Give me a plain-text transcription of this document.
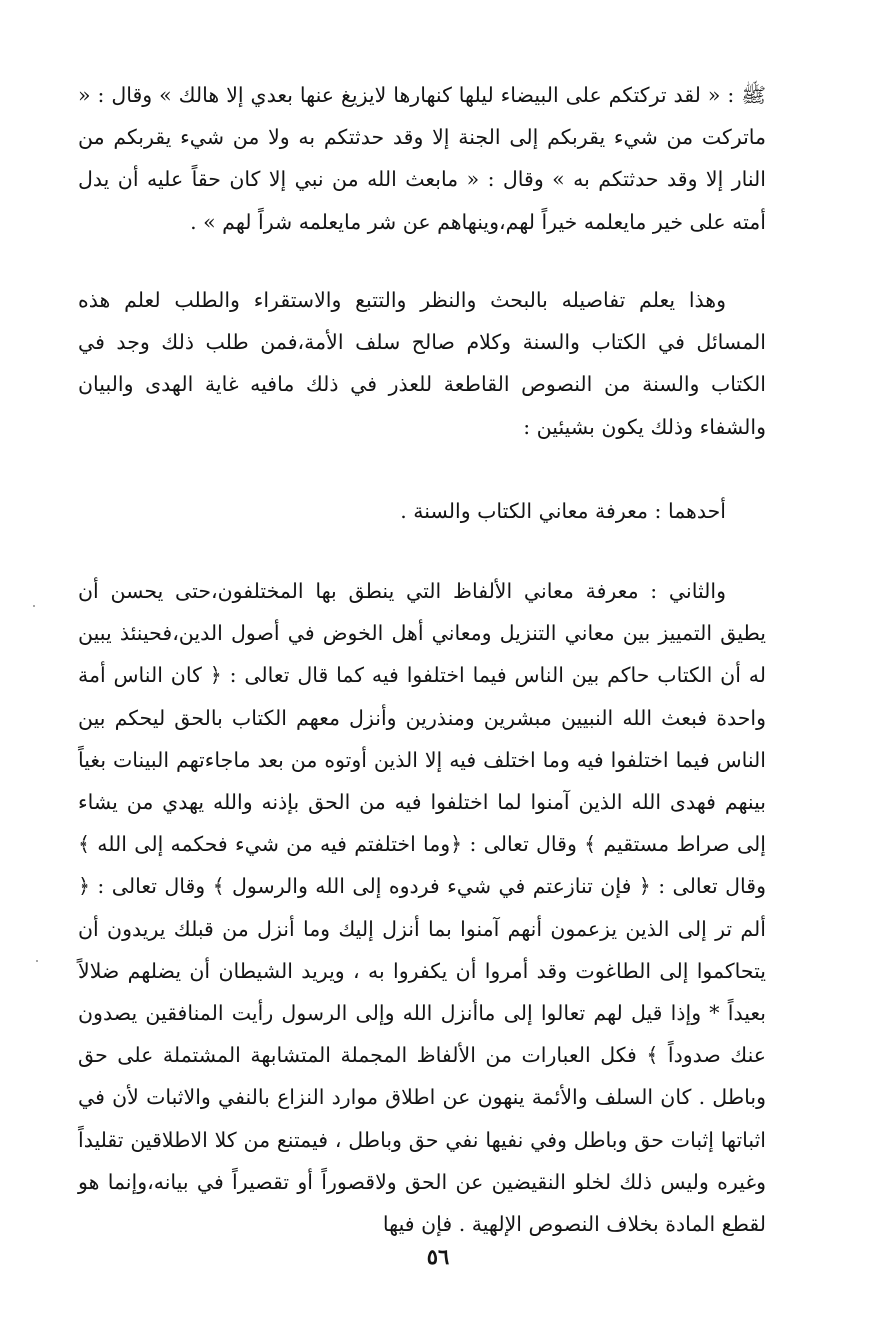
ﷺ : « لقد تركتكم على البيضاء ليلها كنهارها لايزيغ عنها بعدي إلا هالك » وقال : « ماتركت من شيء يقربكم إلى الجنة إلا وقد حدثتكم به ولا من شيء يقربكم من النار إلا وقد حدثتكم به » وقال : « مابعث الله من نبي إلا كان حقاً عليه أن يدل أمته على خير مايعلمه خيراً لهم،وينهاهم عن شر مايعلمه شراً لهم » .

وهذا يعلم تفاصيله بالبحث والنظر والتتبع والاستقراء والطلب لعلم هذه المسائل في الكتاب والسنة وكلام صالح سلف الأمة،فمن طلب ذلك وجد في الكتاب والسنة من النصوص القاطعة للعذر في ذلك مافيه غاية الهدى والبيان والشفاء وذلك يكون بشيئين :

أحدهما : معرفة معاني الكتاب والسنة .

والثاني : معرفة معاني الألفاظ التي ينطق بها المختلفون،حتى يحسن أن يطيق التمييز بين معاني التنزيل ومعاني أهل الخوض في أصول الدين،فحينئذ يبين له أن الكتاب حاكم بين الناس فيما اختلفوا فيه كما قال تعالى : ﴿ كان الناس أمة واحدة فبعث الله النبيين مبشرين ومنذرين وأنزل معهم الكتاب بالحق ليحكم بين الناس فيما اختلفوا فيه وما اختلف فيه إلا الذين أوتوه من بعد ماجاءتهم البينات بغياً بينهم فهدى الله الذين آمنوا لما اختلفوا فيه من الحق بإذنه والله يهدي من يشاء إلى صراط مستقيم ﴾ وقال تعالى : ﴿وما اختلفتم فيه من شيء فحكمه إلى الله ﴾ وقال تعالى : ﴿ فإن تنازعتم في شيء فردوه إلى الله والرسول ﴾ وقال تعالى : ﴿ ألم تر إلى الذين يزعمون أنهم آمنوا بما أنزل إليك وما أنزل من قبلك يريدون أن يتحاكموا إلى الطاغوت وقد أمروا أن يكفروا به ، ويريد الشيطان أن يضلهم ضلالاً بعيداً * وإذا قيل لهم تعالوا إلى ماأنزل الله وإلى الرسول رأيت المنافقين يصدون عنك صدوداً ﴾ فكل العبارات من الألفاظ المجملة المتشابهة المشتملة على حق وباطل . كان السلف والأئمة ينهون عن اطلاق موارد النزاع بالنفي والاثبات لأن في اثباتها إثبات حق وباطل وفي نفيها نفي حق وباطل ، فيمتنع من كلا الاطلاقين تقليداً وغيره وليس ذلك لخلو النقيضين عن الحق ولاقصوراً أو تقصيراً في بيانه،وإنما هو لقطع المادة بخلاف النصوص الإلهية . فإن فيها

٥٦
